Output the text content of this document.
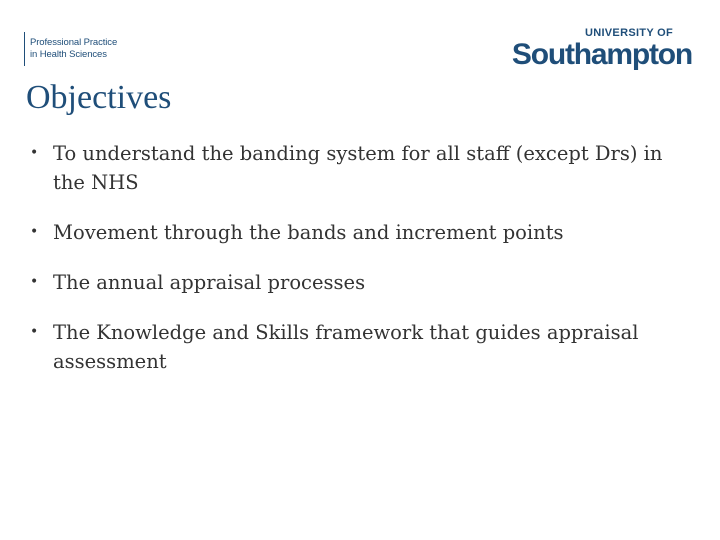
Professional Practice
in Health Sciences
UNIVERSITY OF
Southampton
Objectives
• To understand the banding system for all staff (except Drs) in the NHS
• Movement through the bands and increment points
• The annual appraisal processes
• The Knowledge and Skills framework that guides appraisal assessment
